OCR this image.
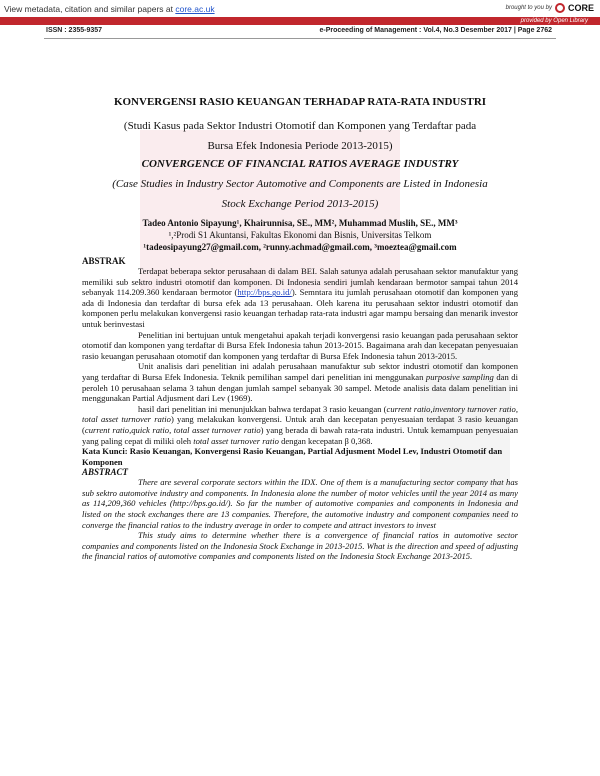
View metadata, citation and similar papers at core.ac.uk	brought to you by CORE
provided by Open Library
ISSN : 2355-9357	e-Proceeding of Management : Vol.4, No.3 Desember 2017 | Page 2762
KONVERGENSI RASIO KEUANGAN TERHADAP RATA-RATA INDUSTRI
(Studi Kasus pada Sektor Industri Otomotif dan Komponen yang Terdaftar pada
Bursa Efek Indonesia Periode 2013-2015)
CONVERGENCE OF FINANCIAL RATIOS AVERAGE INDUSTRY
(Case Studies in Industry Sector Automotive and Components are Listed in Indonesia
Stock Exchange Period 2013-2015)
Tadeo Antonio Sipayung¹, Khairunnisa, SE., MM², Muhammad Muslih, SE., MM³
¹,²Prodi S1 Akuntansi, Fakultas Ekonomi dan Bisnis, Universitas Telkom
¹tadeosipayung27@gmail.com, ²runny.achmad@gmail.com, ³moeztea@gmail.com
ABSTRAK

Terdapat beberapa sektor perusahaan di dalam BEI. Salah satunya adalah perusahaan sektor manufaktur yang memiliki sub sektro industri otomotif dan komponen. Di Indonesia sendiri jumlah kendaraan bermotor sampai tahun 2014 sebanyak 114.209.360 kendaraan bermotor (http://bps.go.id/). Semntara itu jumlah perusahaan otomotif dan komponen yang ada di Indonesia dan terdaftar di bursa efek ada 13 perusahaan. Oleh karena itu perusahaan sektor industri otomotif dan komponen perlu melakukan konvergensi rasio keuangan terhadap rata-rata industri agar mampu bersaing dan menarik investor untuk berinvestasi

Penelitian ini bertujuan untuk mengetahui apakah terjadi konvergensi rasio keuangan pada perusahaan sektor otomotif dan komponen yang terdaftar di Bursa Efek Indonesia tahun 2013-2015. Bagaimana arah dan kecepatan penyesuaian rasio keuangan perusahaan otomotif dan komponen yang terdaftar di Bursa Efek Indonesia tahun 2013-2015.

Unit analisis dari penelitian ini adalah perusahaan manufaktur sub sektor industri otomotif dan komponen yang terdaftar di Bursa Efek Indonesia. Teknik pemilihan sampel dari penelitian ini menggunakan purposive sampling dan di peroleh 10 perusahaan selama 3 tahun dengan jumlah sampel sebanyak 30 sampel. Metode analisis data dalam penelitian ini menggunakan Partial Adjusment dari Lev (1969).

hasil dari penelitian ini menunjukkan bahwa terdapat 3 rasio keuangan (current ratio,inventory turnover ratio, total asset turnover ratio) yang melakukan konvergensi. Untuk arah dan kecepatan penyesuaian terdapat 3 rasio keuangan (current ratio,quick ratio, total asset turnover ratio) yang berada di bawah rata-rata industri. Untuk kemampuan penyesuaian yang paling cepat di miliki oleh total asset turnover ratio dengan kecepatan β 0,368.

Kata Kunci: Rasio Keuangan, Konvergensi Rasio Keuangan, Partial Adjusment Model Lev, Industri Otomotif dan Komponen
ABSTRACT

There are several corporate sectors within the IDX. One of them is a manufacturing sector company that has sub sektro automotive industry and components. In Indonesia alone the number of motor vehicles until the year 2014 as many as 114,209,360 vehicles (http://bps.go.id/). So far the number of automotive companies and components in Indonesia and listed on the stock exchanges there are 13 companies. Therefore, the automotive industry and component companies need to converge the financial ratios to the industry average in order to compete and attract investors to invest

This study aims to determine whether there is a convergence of financial ratios in automotive sector companies and components listed on the Indonesia Stock Exchange in 2013-2015. What is the direction and speed of adjusting the financial ratios of automotive companies and components listed on the Indonesia Stock Exchange 2013-2015.
